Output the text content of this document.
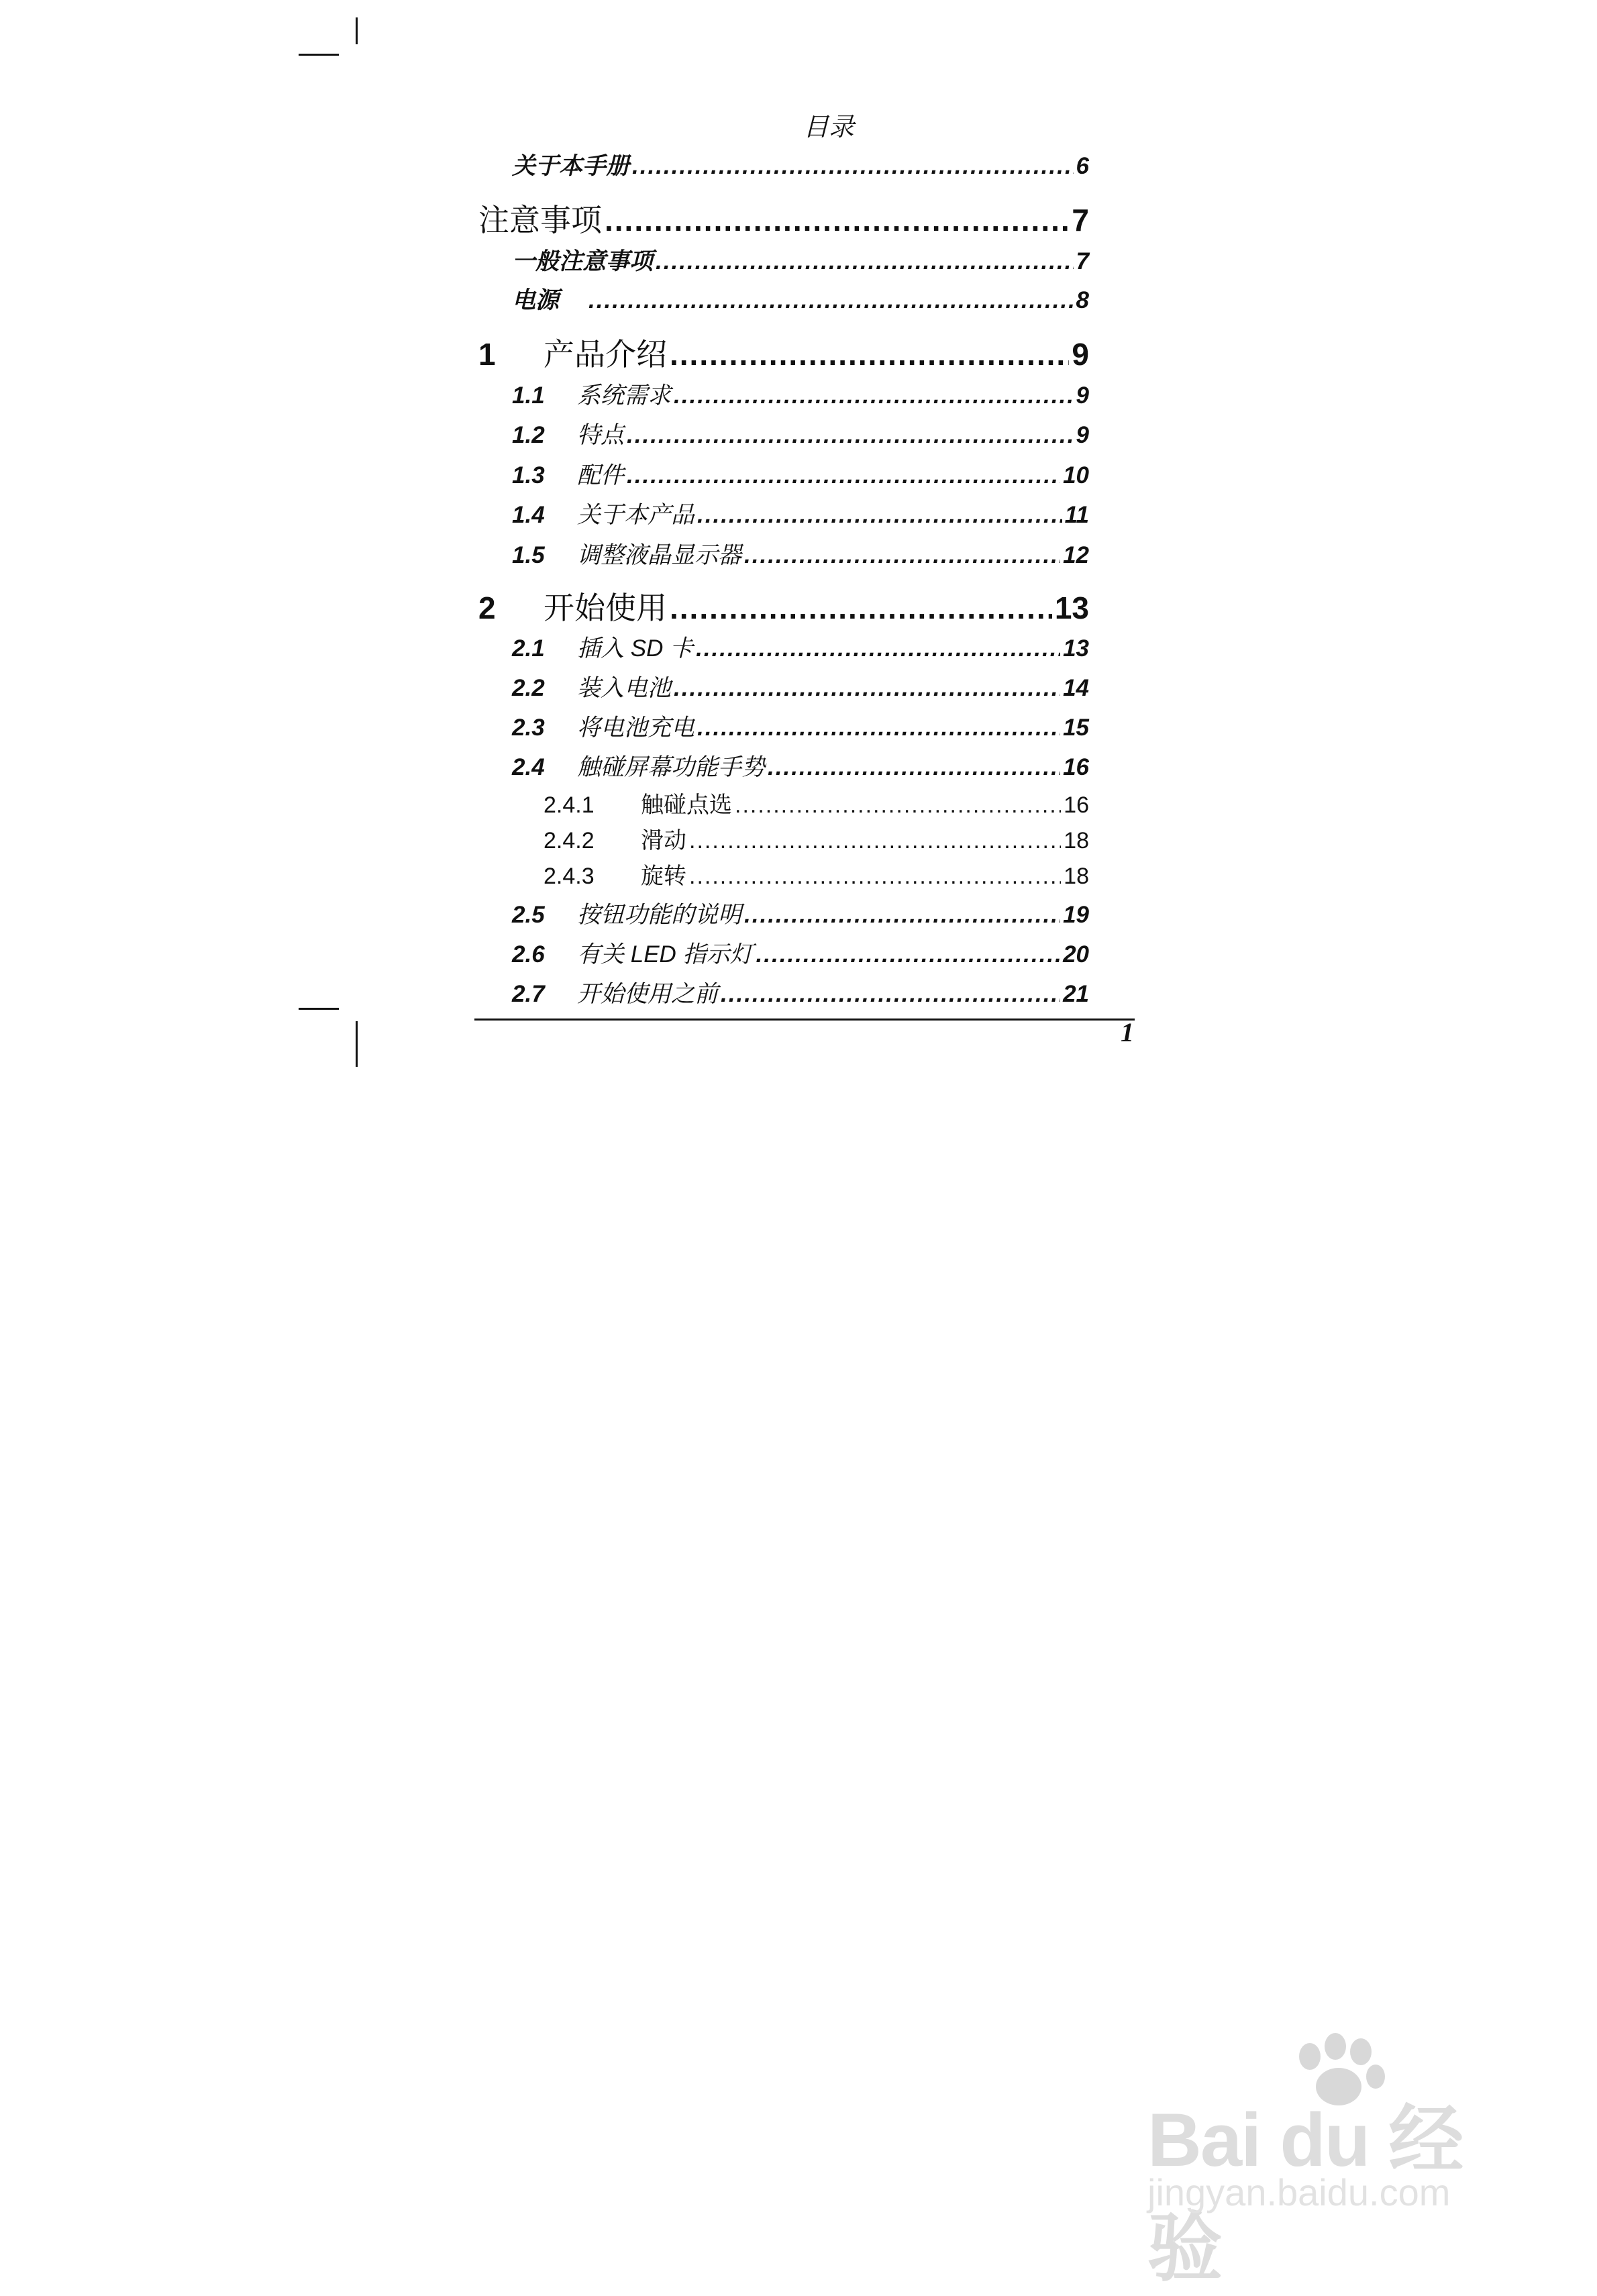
目录
关于本手册 .....	6
注意事项 .....	7
一般注意事项 .....	7
电源 .....	8
1	产品介绍 .....	9
1.1	系统需求 .....	9
1.2	特点 .....	9
1.3	配件 .....	10
1.4	关于本产品 .....	11
1.5	调整液晶显示器 .....	12
2	开始使用 .....	13
2.1	插入 SD 卡 .....	13
2.2	装入电池 .....	14
2.3	将电池充电 .....	15
2.4	触碰屏幕功能手势 .....	16
2.4.1	触碰点选 .....	16
2.4.2	滑动 .....	18
2.4.3	旋转 .....	18
2.5	按钮功能的说明 .....	19
2.6	有关 LED 指示灯 .....	20
2.7	开始使用之前 .....	21
1
Bai du 经验
jingyan.baidu.com
